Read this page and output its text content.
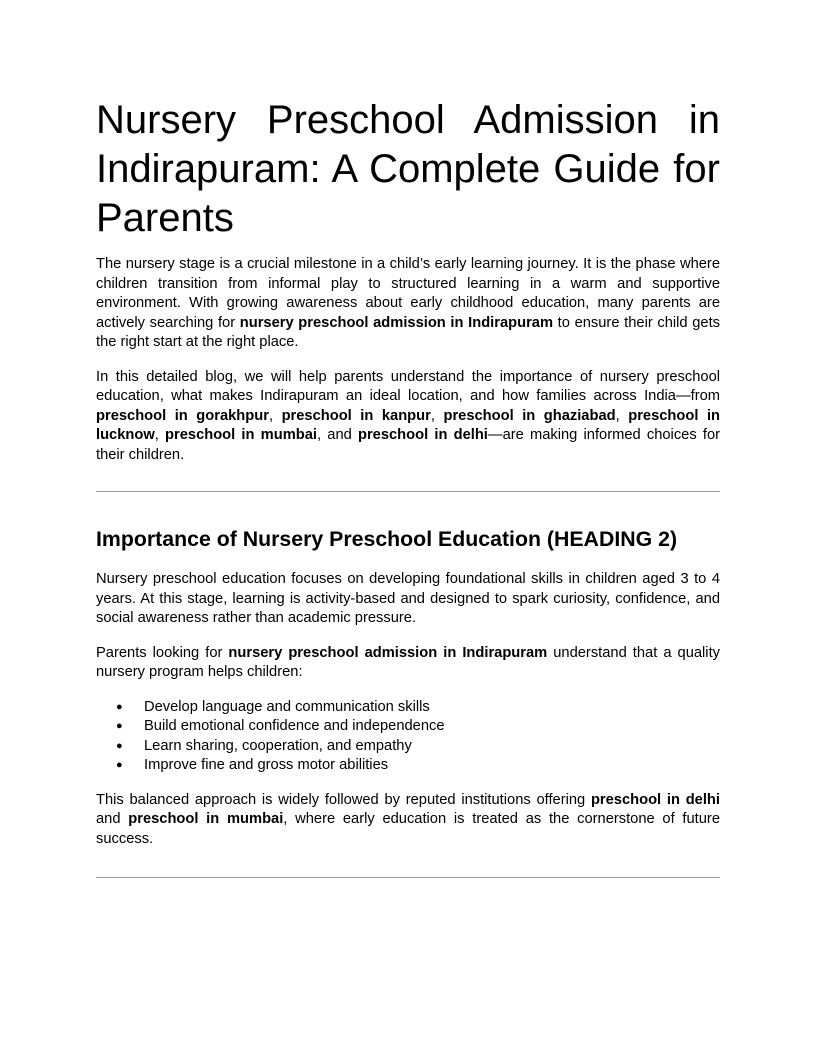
Nursery Preschool Admission in Indirapuram: A Complete Guide for Parents

The nursery stage is a crucial milestone in a child’s early learning journey. It is the phase where children transition from informal play to structured learning in a warm and supportive environment. With growing awareness about early childhood education, many parents are actively searching for nursery preschool admission in Indirapuram to ensure their child gets the right start at the right place.

In this detailed blog, we will help parents understand the importance of nursery preschool education, what makes Indirapuram an ideal location, and how families across India—from preschool in gorakhpur, preschool in kanpur, preschool in ghaziabad, preschool in lucknow, preschool in mumbai, and preschool in delhi—are making informed choices for their children.

Importance of Nursery Preschool Education (HEADING 2)

Nursery preschool education focuses on developing foundational skills in children aged 3 to 4 years. At this stage, learning is activity-based and designed to spark curiosity, confidence, and social awareness rather than academic pressure.

Parents looking for nursery preschool admission in Indirapuram understand that a quality nursery program helps children:

● Develop language and communication skills
● Build emotional confidence and independence
● Learn sharing, cooperation, and empathy
● Improve fine and gross motor abilities

This balanced approach is widely followed by reputed institutions offering preschool in delhi and preschool in mumbai, where early education is treated as the cornerstone of future success.
